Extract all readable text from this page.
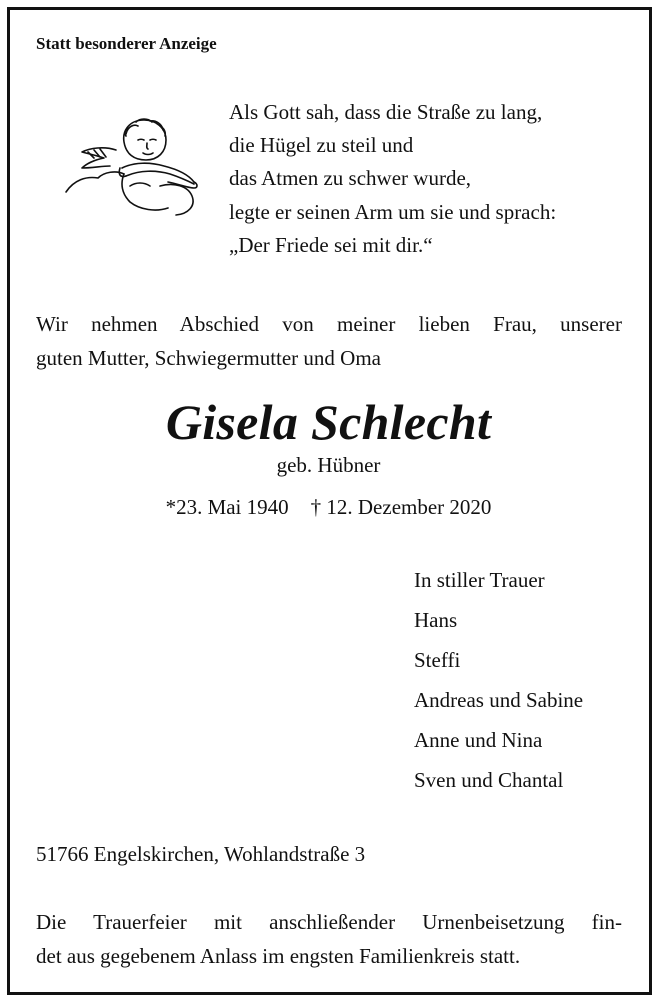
Statt besonderer Anzeige
Als Gott sah, dass die Straße zu lang,
die Hügel zu steil und
das Atmen zu schwer wurde,
legte er seinen Arm um sie und sprach:
„Der Friede sei mit dir.“
Wir nehmen Abschied von meiner lieben Frau, unserer
guten Mutter, Schwiegermutter und Oma
Gisela Schlecht
geb. Hübner
*23. Mai 1940 † 12. Dezember 2020
In stiller Trauer
Hans
Steffi
Andreas und Sabine
Anne und Nina
Sven und Chantal
51766 Engelskirchen, Wohlandstraße 3
Die Trauerfeier mit anschließender Urnenbeisetzung fin-
det aus gegebenem Anlass im engsten Familienkreis statt.
